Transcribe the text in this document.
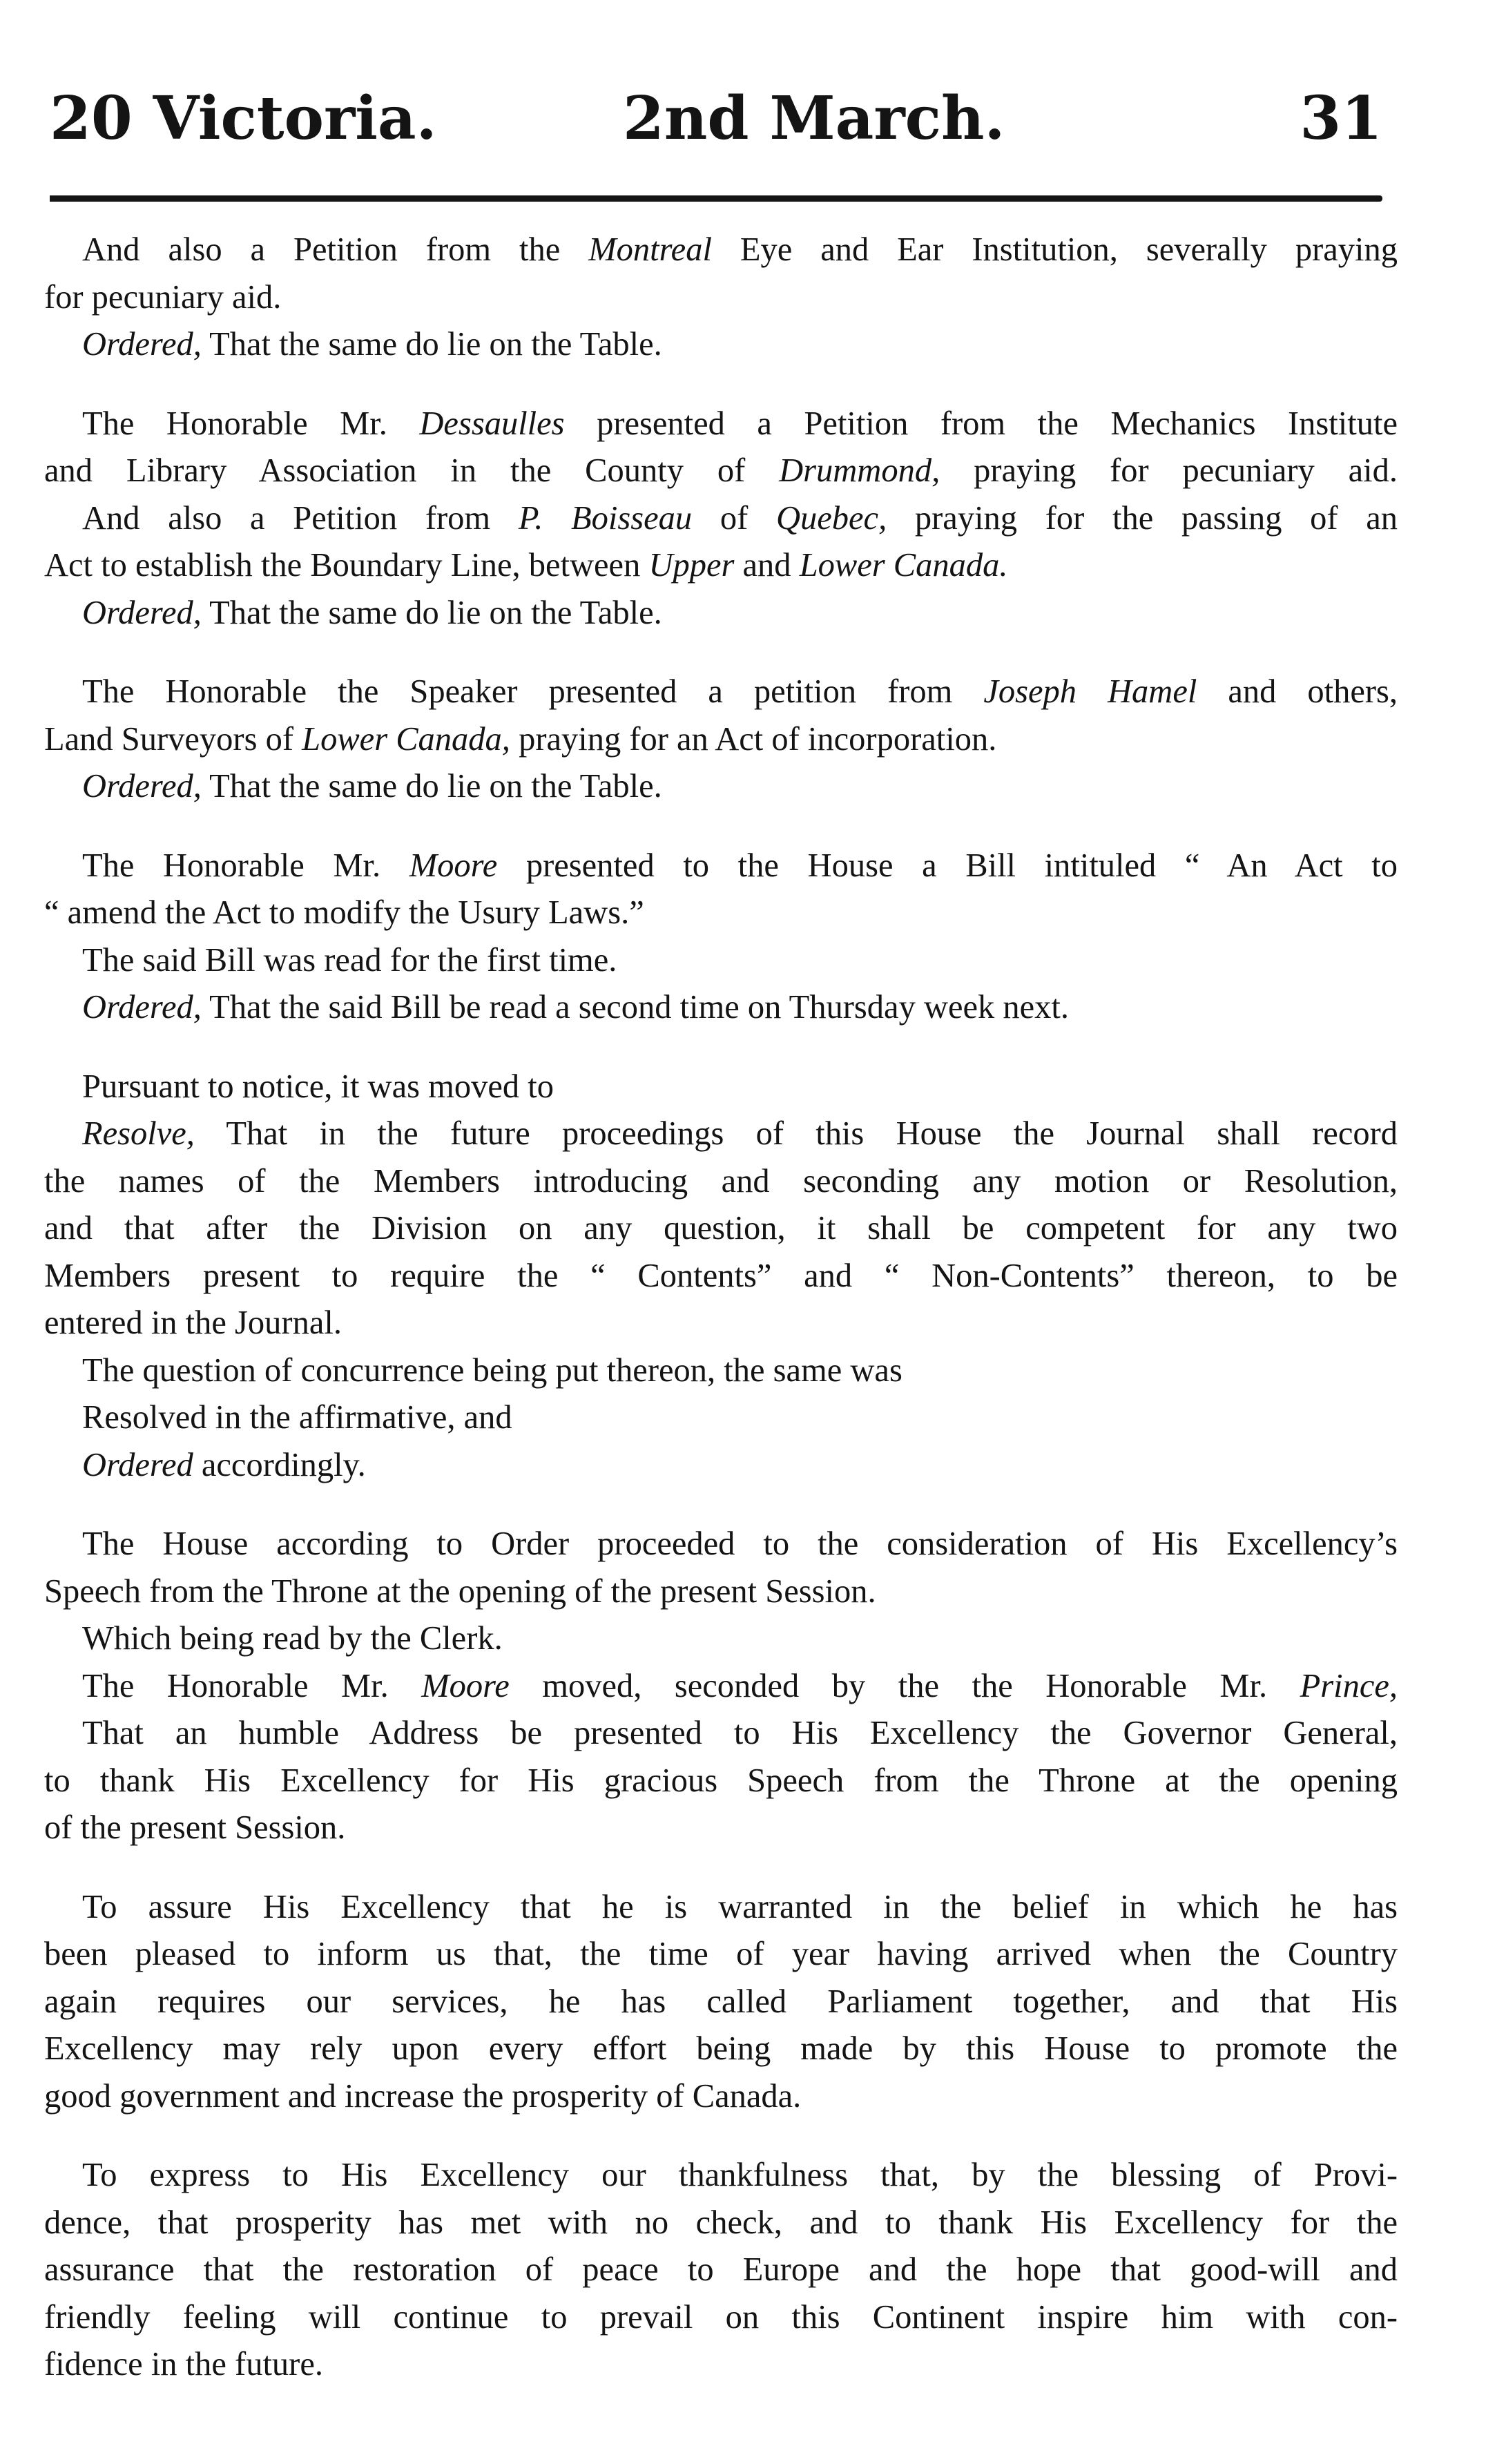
20 Victoria.	2nd March.	31
And also a Petition from the Montreal Eye and Ear Institution, severally praying
for pecuniary aid.
Ordered, That the same do lie on the Table.
The Honorable Mr. Dessaulles presented a Petition from the Mechanics Institute
and Library Association in the County of Drummond, praying for pecuniary aid.
And also a Petition from P. Boisseau of Quebec, praying for the passing of an
Act to establish the Boundary Line, between Upper and Lower Canada.
Ordered, That the same do lie on the Table.
The Honorable the Speaker presented a petition from Joseph Hamel and others,
Land Surveyors of Lower Canada, praying for an Act of incorporation.
Ordered, That the same do lie on the Table.
The Honorable Mr. Moore presented to the House a Bill intituled “ An Act to
“ amend the Act to modify the Usury Laws.”
The said Bill was read for the first time.
Ordered, That the said Bill be read a second time on Thursday week next.
Pursuant to notice, it was moved to
Resolve, That in the future proceedings of this House the Journal shall record
the names of the Members introducing and seconding any motion or Resolution,
and that after the Division on any question, it shall be competent for any two
Members present to require the “ Contents” and “ Non-Contents” thereon, to be
entered in the Journal.
The question of concurrence being put thereon, the same was
Resolved in the affirmative, and
Ordered accordingly.
The House according to Order proceeded to the consideration of His Excellency’s
Speech from the Throne at the opening of the present Session.
Which being read by the Clerk.
The Honorable Mr. Moore moved, seconded by the the Honorable Mr. Prince,
That an humble Address be presented to His Excellency the Governor General,
to thank His Excellency for His gracious Speech from the Throne at the opening
of the present Session.
To assure His Excellency that he is warranted in the belief in which he has
been pleased to inform us that, the time of year having arrived when the Country
again requires our services, he has called Parliament together, and that His
Excellency may rely upon every effort being made by this House to promote the
good government and increase the prosperity of Canada.
To express to His Excellency our thankfulness that, by the blessing of Provi-
dence, that prosperity has met with no check, and to thank His Excellency for the
assurance that the restoration of peace to Europe and the hope that good-will and
friendly feeling will continue to prevail on this Continent inspire him with con-
fidence in the future.
